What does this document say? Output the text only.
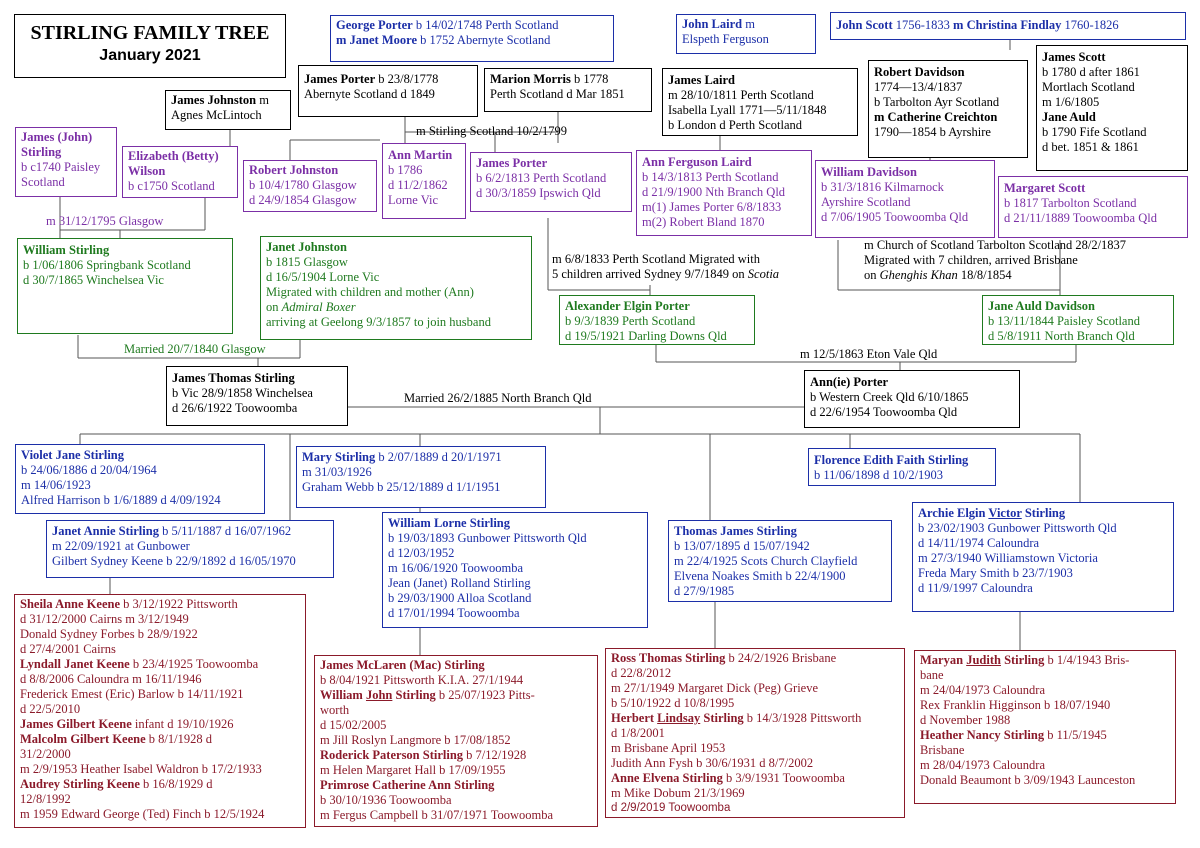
STIRLING FAMILY TREE
January 2021
George Porter b 14/02/1748 Perth Scotland
m Janet Moore b 1752 Abernyte Scotland
John Laird m
Elspeth Ferguson
John Scott 1756-1833 m Christina Findlay 1760-1826
James Porter b 23/8/1778
Abernyte Scotland d 1849
Marion Morris b 1778
Perth Scotland d Mar 1851
James Laird
m 28/10/1811 Perth Scotland
Isabella Lyall 1771—5/11/1848
b London d Perth Scotland
Robert Davidson
1774—13/4/1837
b Tarbolton Ayr Scotland
m Catherine Creichton
1790—1854 b Ayrshire
James Scott
b 1780 d after 1861
Mortlach Scotland
m 1/6/1805
Jane Auld
b 1790 Fife Scotland
d bet. 1851 & 1861
James Johnston m
Agnes McLintoch
m Stirling Scotland 10/2/1799
James (John)
Stirling
b c1740 Paisley
Scotland
Elizabeth (Betty)
Wilson
b c1750 Scotland
Robert Johnston
b 10/4/1780 Glasgow
d 24/9/1854 Glasgow
Ann Martin
b 1786
d 11/2/1862
Lorne Vic
James Porter
b 6/2/1813 Perth Scotland
d 30/3/1859 Ipswich Qld
Ann Ferguson Laird
b 14/3/1813 Perth Scotland
d 21/9/1900 Nth Branch Qld
m(1) James Porter 6/8/1833
m(2) Robert Bland 1870
William Davidson
b 31/3/1816 Kilmarnock
Ayrshire Scotland
d 7/06/1905 Toowoomba Qld
Margaret Scott
b 1817 Tarbolton Scotland
d 21/11/1889 Toowoomba Qld
m 31/12/1795 Glasgow
William Stirling
b 1/06/1806 Springbank Scotland
d 30/7/1865 Winchelsea Vic
Janet Johnston
b 1815 Glasgow
d 16/5/1904 Lorne Vic
Migrated with children and mother (Ann)
on Admiral Boxer
arriving at Geelong 9/3/1857 to join husband
m 6/8/1833 Perth Scotland Migrated with
5 children arrived Sydney 9/7/1849 on Scotia
m Church of Scotland Tarbolton Scotland 28/2/1837
Migrated with 7 children, arrived Brisbane
on Ghenghis Khan 18/8/1854
Alexander Elgin Porter
b 9/3/1839 Perth Scotland
d 19/5/1921 Darling Downs Qld
Jane Auld Davidson
b 13/11/1844 Paisley Scotland
d 5/8/1911 North Branch Qld
Married 20/7/1840 Glasgow	m 12/5/1863 Eton Vale Qld
James Thomas Stirling
b Vic 28/9/1858 Winchelsea
d 26/6/1922 Toowoomba
Married 26/2/1885 North Branch Qld
Ann(ie) Porter
b Western Creek Qld 6/10/1865
d 22/6/1954 Toowoomba Qld
Violet Jane Stirling
b 24/06/1886 d 20/04/1964
m 14/06/1923
Alfred Harrison b 1/6/1889 d 4/09/1924
Mary Stirling b 2/07/1889 d 20/1/1971
m 31/03/1926
Graham Webb b 25/12/1889 d 1/1/1951
Florence Edith Faith Stirling
b 11/06/1898 d 10/2/1903
Janet Annie Stirling b 5/11/1887 d 16/07/1962
m 22/09/1921 at Gunbower
Gilbert Sydney Keene b 22/9/1892 d 16/05/1970
William Lorne Stirling
b 19/03/1893 Gunbower Pittsworth Qld
d 12/03/1952
m 16/06/1920 Toowoomba
Jean (Janet) Rolland Stirling
b 29/03/1900 Alloa Scotland
d 17/01/1994 Toowoomba
Thomas James Stirling
b 13/07/1895 d 15/07/1942
m 22/4/1925 Scots Church Clayfield
Elvena Noakes Smith b 22/4/1900
d 27/9/1985
Archie Elgin Victor Stirling
b 23/02/1903 Gunbower Pittsworth Qld
d 14/11/1974 Caloundra
m 27/3/1940 Williamstown Victoria
Freda Mary Smith b 23/7/1903
d 11/9/1997 Caloundra
Sheila Anne Keene b 3/12/1922 Pittsworth
d 31/12/2000 Cairns m 3/12/1949
Donald Sydney Forbes b 28/9/1922
d 27/4/2001 Cairns
Lyndall Janet Keene b 23/4/1925 Toowoomba
d 8/8/2006 Caloundra m 16/11/1946
Frederick Emest (Eric) Barlow b 14/11/1921
d 22/5/2010
James Gilbert Keene infant d 19/10/1926
Malcolm Gilbert Keene b 8/1/1928 d
31/2/2000
m 2/9/1953 Heather Isabel Waldron b 17/2/1933
Audrey Stirling Keene b 16/8/1929 d
12/8/1992
m 1959 Edward George (Ted) Finch b 12/5/1924
James McLaren (Mac) Stirling
b 8/04/1921 Pittsworth K.I.A. 27/1/1944
William John Stirling b 25/07/1923 Pitts-
worth
d 15/02/2005
m Jill Roslyn Langmore b 17/08/1852
Roderick Paterson Stirling b 7/12/1928
m Helen Margaret Hall b 17/09/1955
Primrose Catherine Ann Stirling
b 30/10/1936 Toowoomba
m Fergus Campbell b 31/07/1971 Toowoomba
Ross Thomas Stirling b 24/2/1926 Brisbane
d 22/8/2012
m 27/1/1949 Margaret Dick (Peg) Grieve
b 5/10/1922 d 10/8/1995
Herbert Lindsay Stirling b 14/3/1928 Pittsworth
d 1/8/2001
m Brisbane April 1953
Judith Ann Fysh b 30/6/1931 d 8/7/2002
Anne Elvena Stirling b 3/9/1931 Toowoomba
m Mike Dobum 21/3/1969
d 2/9/2019 Toowoomba
Maryan Judith Stirling b 1/4/1943 Bris-
bane
m 24/04/1973 Caloundra
Rex Franklin Higginson b 18/07/1940
d November 1988
Heather Nancy Stirling b 11/5/1945
Brisbane
m 28/04/1973 Caloundra
Donald Beaumont b 3/09/1943 Launceston
